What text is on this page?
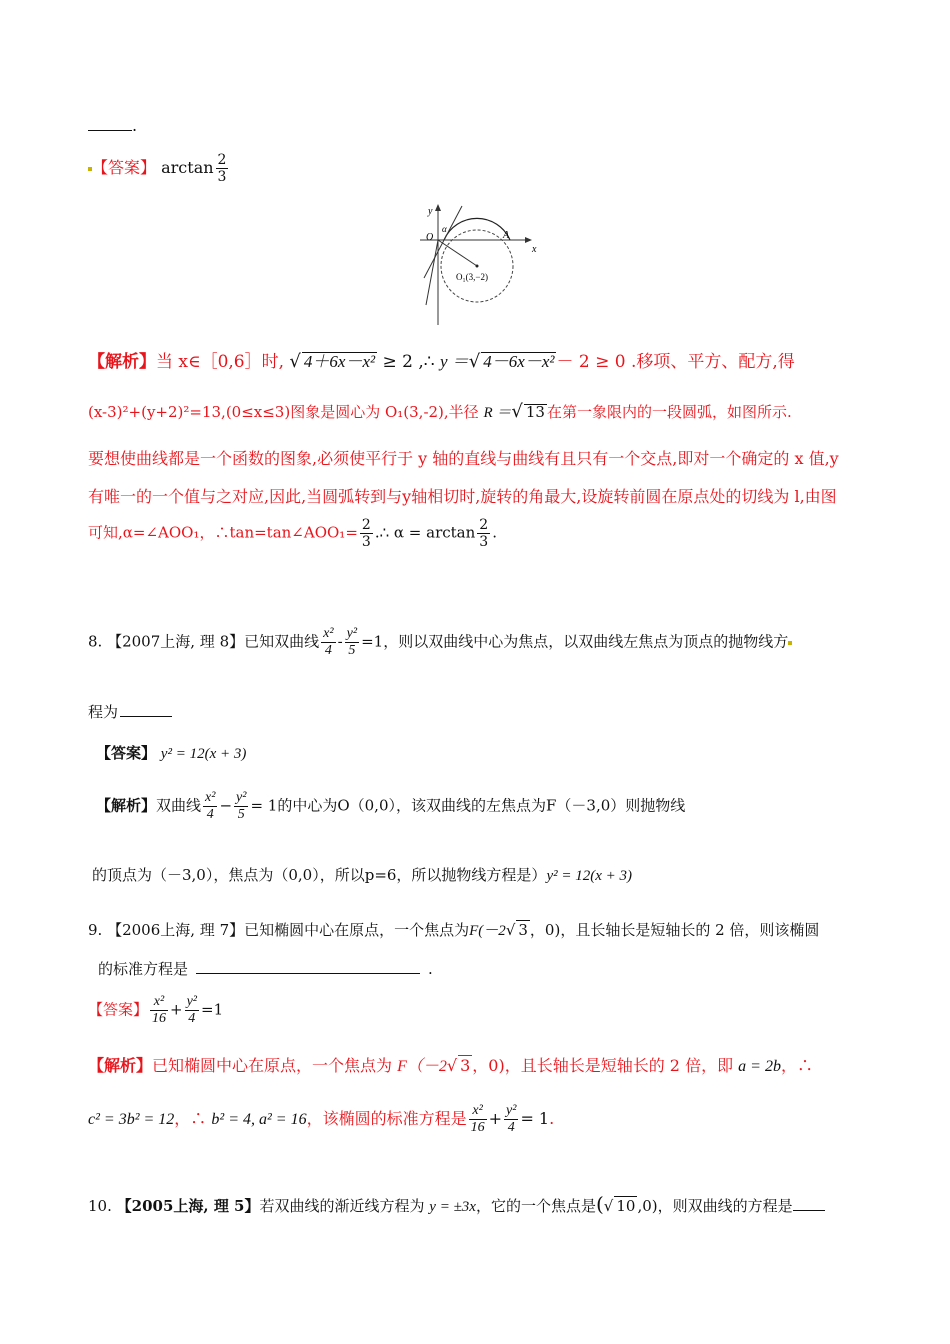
.
【答案】 $\arctan \frac{2}{3}$
y
x
O
α
A
O₁(3,−2)
【解析】当 x∈［0,6］时, √ 4＋6x－x² ≥ 2 ,∴ y ＝√ 4－6x－x² － 2 ≥ 0 .移项、平方、配方,得
(x-3)²+(y+2)²=13,(0≤x≤3)图象是圆心为 O₁(3,-2),半径 R ＝√ 13 在第一象限内的一段圆弧，如图所示.
要想使曲线都是一个函数的图象,必须使平行于 y 轴的直线与曲线有且只有一个交点,即对一个确定的 x 值,y
有唯一的一个值与之对应,因此,当圆弧转到与y轴相切时,旋转的角最大,设旋转前圆在原点处的切线为 l,由图
可知,α=∠AOO₁，∴tan=tan∠AOO₁= $\frac{2}{3}$ .∴ $\alpha = \arctan \frac{2}{3}$ .
8. 【2007上海, 理 8】已知双曲线 $\frac{\text{x²}}{4} - \frac{\text{y²}}{5} =1$，则以双曲线中心为焦点，以双曲线左焦点为顶点的抛物线方
程为
【答案】 y² = 12(x + 3)
【解析】双曲线 $\frac{\text{x²}}{4} - \frac{\text{y²}}{5} = 1$的中心为O（0,0），该双曲线的左焦点为F（－3,0）则抛物线
的顶点为（－3,0），焦点为（0,0），所以p=6，所以抛物线方程是）y² = 12(x + 3)
9. 【2006上海, 理 7】已知椭圆中心在原点，一个焦点为F(－2√ 3 ，0)，且长轴长是短轴长的 2 倍，则该椭圆
的标准方程是	.
【答案】 $\frac{\text{x²}}{16} + \frac{\text{y²}}{4} =1$
【解析】已知椭圆中心在原点，一个焦点为 F（－2√ 3 ，0)，且长轴长是短轴长的 2 倍，即 a = 2b，∴
c² = 3b² = 12，∴ b² = 4, a² = 16，该椭圆的标准方程是 $\frac{\text{x²}}{16} + \frac{\text{y²}}{4} = 1$.
10. 【2005上海, 理 5】若双曲线的渐近线方程为 y = ±3x，它的一个焦点是(√ 10 ,0)，则双曲线的方程是
